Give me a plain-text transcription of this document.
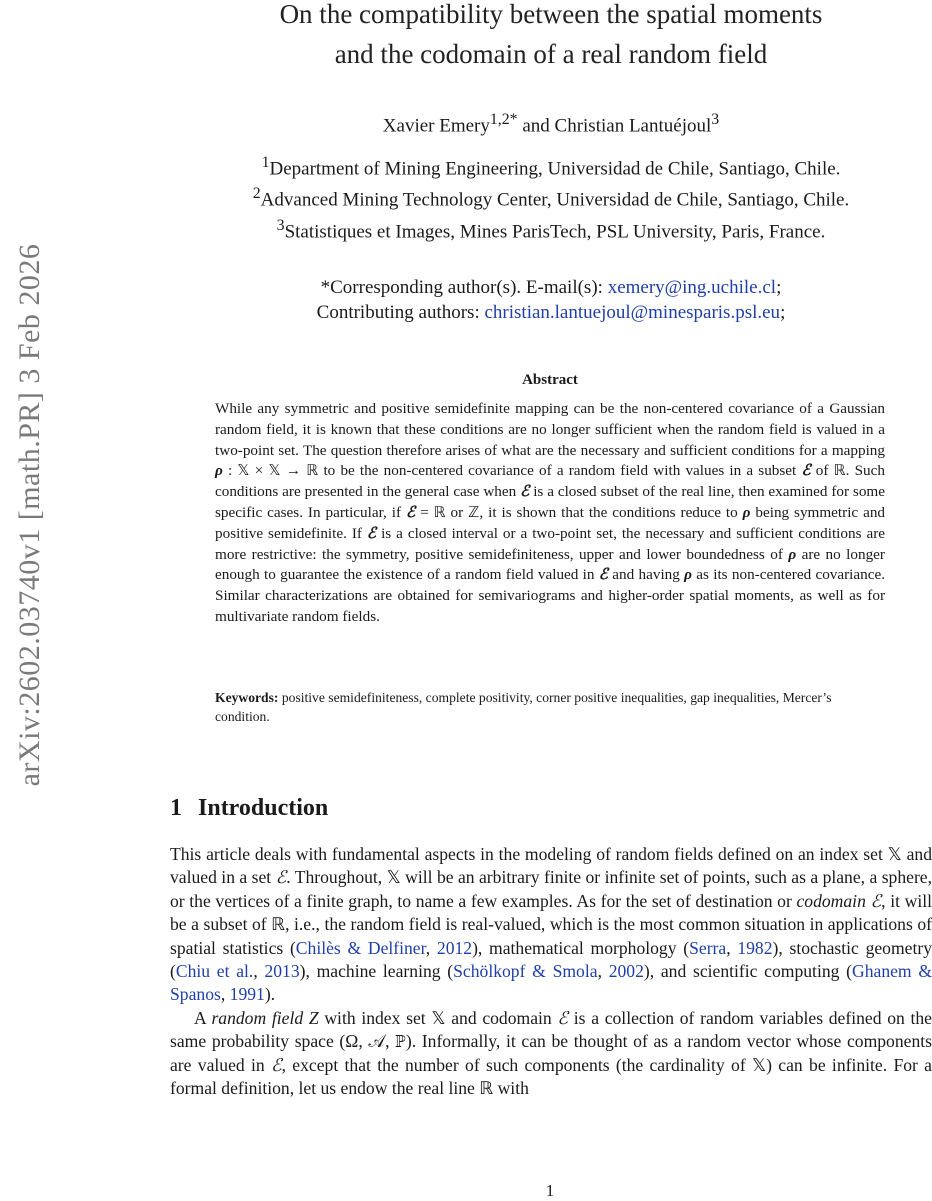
arXiv:2602.03740v1 [math.PR] 3 Feb 2026
On the compatibility between the spatial moments
and the codomain of a real random field
Xavier Emery$^{1,2*}$ and Christian Lantuéjoul$^3$
$^1$Department of Mining Engineering, Universidad de Chile, Santiago, Chile.
$^2$Advanced Mining Technology Center, Universidad de Chile, Santiago, Chile.
$^3$Statistiques et Images, Mines ParisTech, PSL University, Paris, France.
*Corresponding author(s). E-mail(s): xemery@ing.uchile.cl;
Contributing authors: christian.lantuejoul@minesparis.psl.eu;
Abstract
While any symmetric and positive semidefinite mapping can be the non-centered covariance of a Gaussian random field, it is known that these conditions are no longer sufficient when the random field is valued in a two-point set. The question therefore arises of what are the necessary and sufficient conditions for a mapping ρ : 𝕏 × 𝕏 → ℝ to be the non-centered covariance of a random field with values in a subset ℰ of ℝ. Such conditions are presented in the general case when ℰ is a closed subset of the real line, then examined for some specific cases. In particular, if ℰ = ℝ or ℤ, it is shown that the conditions reduce to ρ being symmetric and positive semidefinite. If ℰ is a closed interval or a two-point set, the necessary and sufficient conditions are more restrictive: the symmetry, positive semidefiniteness, upper and lower boundedness of ρ are no longer enough to guarantee the existence of a random field valued in ℰ and having ρ as its non-centered covariance. Similar characterizations are obtained for semivariograms and higher-order spatial moments, as well as for multivariate random fields.
Keywords: positive semidefiniteness, complete positivity, corner positive inequalities, gap inequalities, Mercer’s condition.
1 Introduction

This article deals with fundamental aspects in the modeling of random fields defined on an index set 𝕏 and valued in a set ℰ. Throughout, 𝕏 will be an arbitrary finite or infinite set of points, such as a plane, a sphere, or the vertices of a finite graph, to name a few examples. As for the set of destination or codomain ℰ, it will be a subset of ℝ, i.e., the random field is real-valued, which is the most common situation in applications of spatial statistics (Chilès & Delfiner, 2012), mathematical morphology (Serra, 1982), stochastic geometry (Chiu et al., 2013), machine learning (Schölkopf & Smola, 2002), and scientific computing (Ghanem & Spanos, 1991).

A random field Z with index set 𝕏 and codomain ℰ is a collection of random variables defined on the same probability space (Ω, 𝒜, ℙ). Informally, it can be thought of as a random vector whose components are valued in ℰ, except that the number of such components (the cardinality of 𝕏) can be infinite. For a formal definition, let us endow the real line ℝ with

1
